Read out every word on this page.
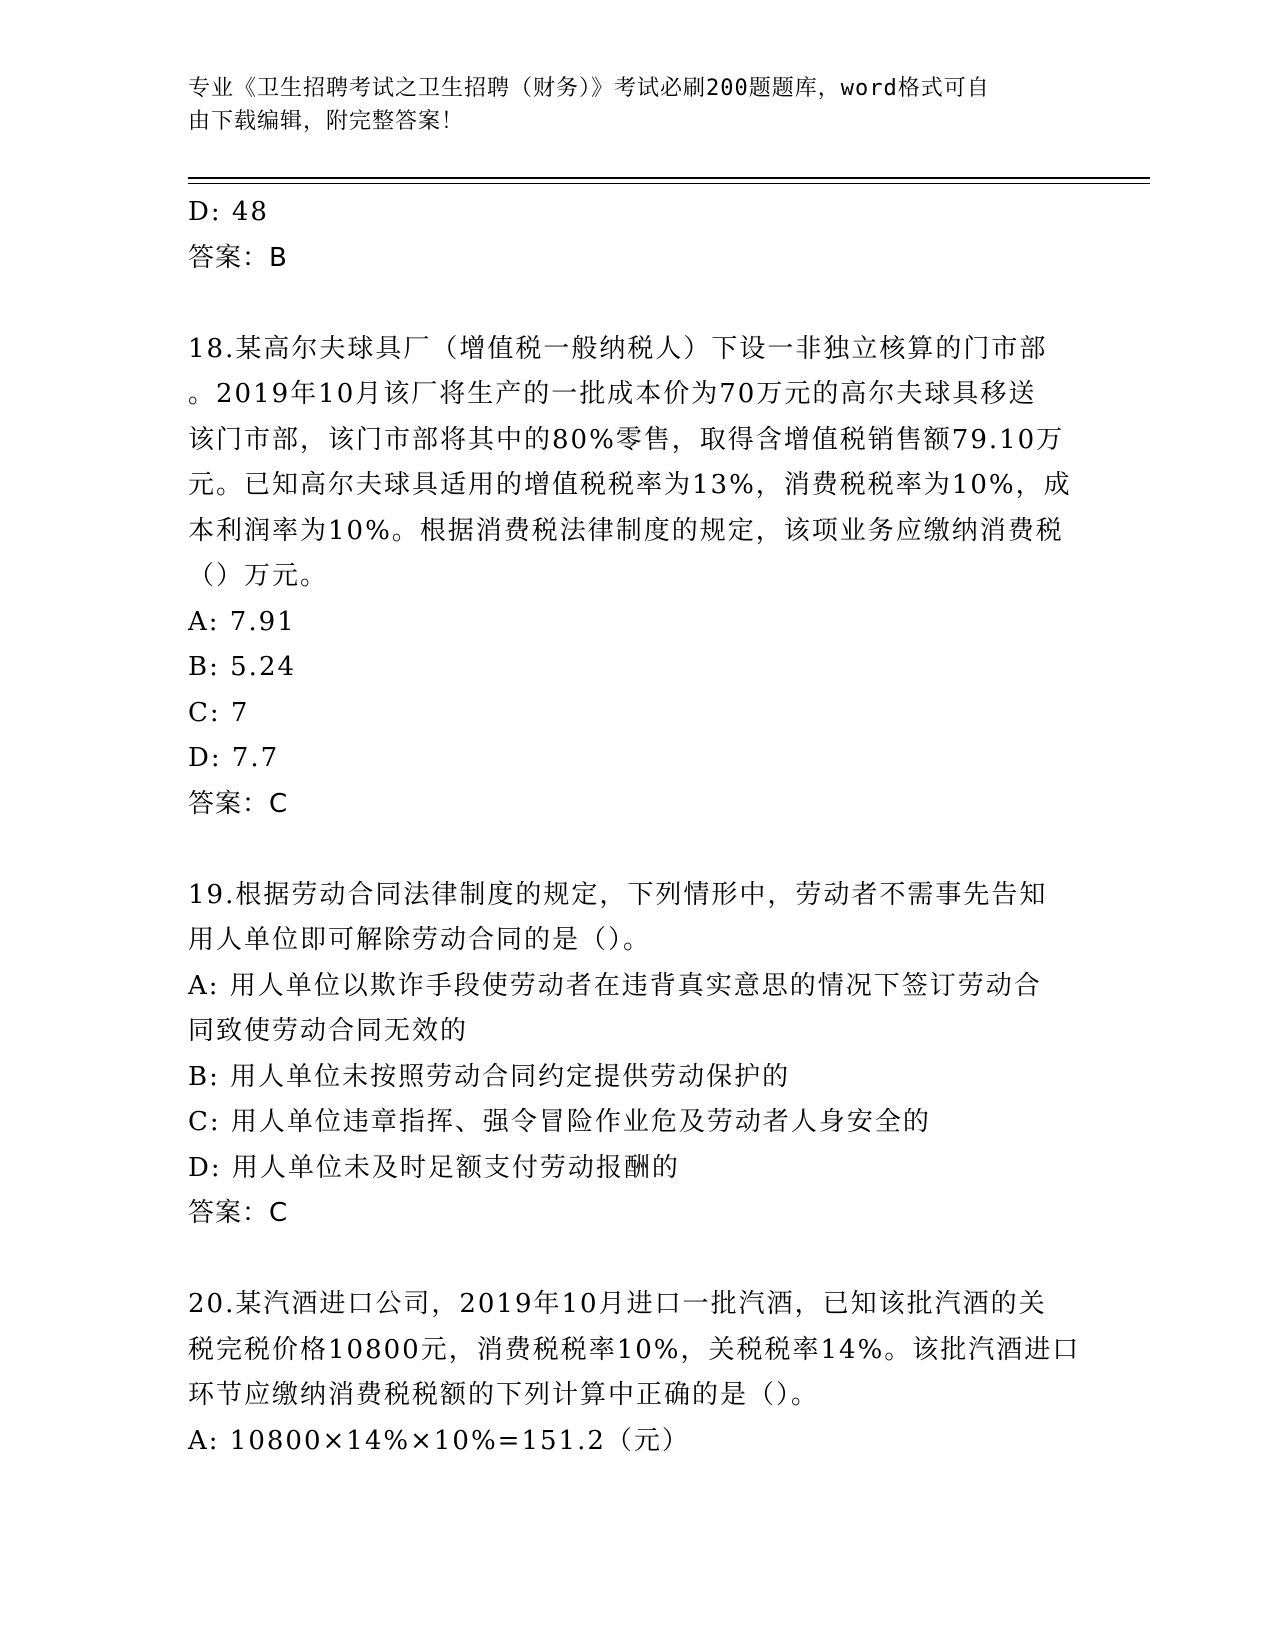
专业《卫生招聘考试之卫生招聘（财务）》考试必刷200题题库，word格式可自
由下载编辑，附完整答案！
D: 48
答案：B
18.某高尔夫球具厂（增值税一般纳税人）下设一非独立核算的门市部
。2019年10月该厂将生产的一批成本价为70万元的高尔夫球具移送
该门市部，该门市部将其中的80%零售，取得含增值税销售额79.10万
元。已知高尔夫球具适用的增值税税率为13%，消费税税率为10%，成
本利润率为10%。根据消费税法律制度的规定，该项业务应缴纳消费税
（）万元。
A: 7.91
B: 5.24
C: 7
D: 7.7
答案：C
19.根据劳动合同法律制度的规定，下列情形中，劳动者不需事先告知
用人单位即可解除劳动合同的是（）。
A: 用人单位以欺诈手段使劳动者在违背真实意思的情况下签订劳动合
同致使劳动合同无效的
B: 用人单位未按照劳动合同约定提供劳动保护的
C: 用人单位违章指挥、强令冒险作业危及劳动者人身安全的
D: 用人单位未及时足额支付劳动报酬的
答案：C
20.某汽酒进口公司，2019年10月进口一批汽酒，已知该批汽酒的关
税完税价格10800元，消费税税率10%，关税税率14%。该批汽酒进口
环节应缴纳消费税税额的下列计算中正确的是（）。
A: 10800×14%×10%=151.2（元）
